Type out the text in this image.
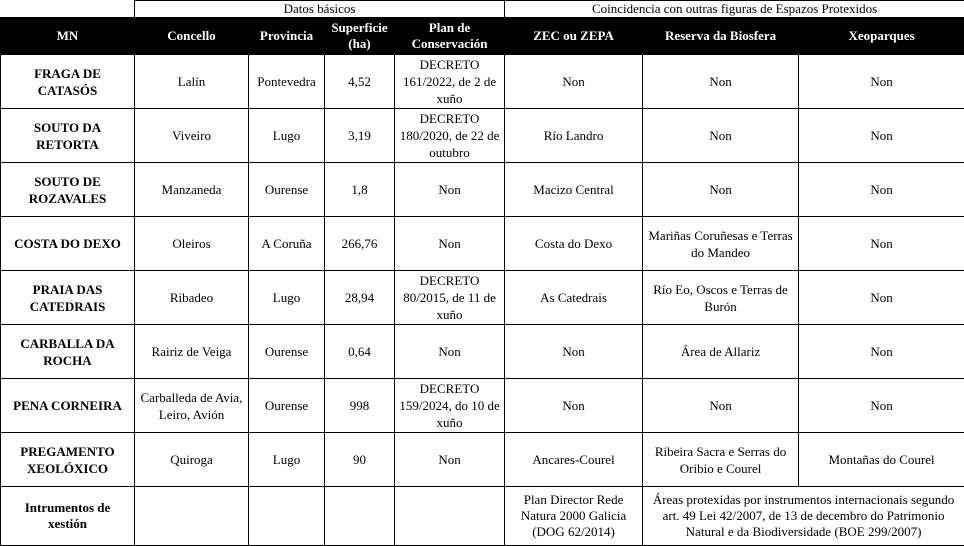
	Datos básicos				Coincidencia con outras figuras de Espazos Protexidos		
MN	Concello	Provincia	Superficie (ha)	Plan de Conservación	ZEC ou ZEPA	Reserva da Biosfera	Xeoparques
FRAGA DE CATASÓS	Lalín	Pontevedra	4,52	DECRETO 161/2022, de 2 de xuño	Non	Non	Non
SOUTO DA RETORTA	Viveiro	Lugo	3,19	DECRETO 180/2020, de 22 de outubro	Río Landro	Non	Non
SOUTO DE ROZAVALES	Manzaneda	Ourense	1,8	Non	Macizo Central	Non	Non
COSTA DO DEXO	Oleiros	A Coruña	266,76	Non	Costa do Dexo	Mariñas Coruñesas e Terras do Mandeo	Non
PRAIA DAS CATEDRAIS	Ribadeo	Lugo	28,94	DECRETO 80/2015, de 11 de xuño	As Catedrais	Río Eo, Oscos e Terras de Burón	Non
CARBALLA DA ROCHA	Rairiz de Veiga	Ourense	0,64	Non	Non	Área de Allariz	Non
PENA CORNEIRA	Carballeda de Avia, Leiro, Avión	Ourense	998	DECRETO 159/2024, do 10 de xuño	Non	Non	Non
PREGAMENTO XEOLÓXICO	Quiroga	Lugo	90	Non	Ancares-Courel	Ribeira Sacra e Serras do Oribio e Courel	Montañas do Courel
Intrumentos de xestión					Plan Director Rede Natura 2000 Galicia (DOG 62/2014)	Áreas protexidas por instrumentos internacionais segundo art. 49 Lei 42/2007, de 13 de decembro do Patrimonio Natural e da Biodiversidade (BOE 299/2007)	
